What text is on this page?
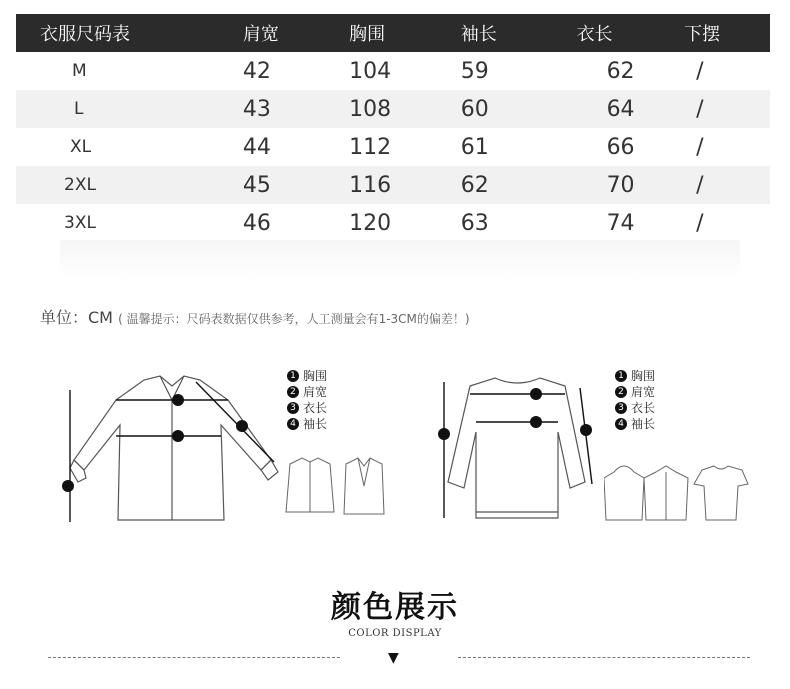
衣服尺码表	肩宽	胸围	袖长	衣长	下摆
M	42	104	59	62	/
L	43	108	60	64	/
XL	44	112	61	66	/
2XL	45	116	62	70	/
3XL	46	120	63	74	/
单位：CM ( 温馨提示：尺码表数据仅供参考，人工测量会有1-3CM的偏差！)
1 胸围
2 肩宽
3 衣长
4 袖长
1 胸围
2 肩宽
3 衣长
4 袖长
颜色展示
COLOR DISPLAY
▼
